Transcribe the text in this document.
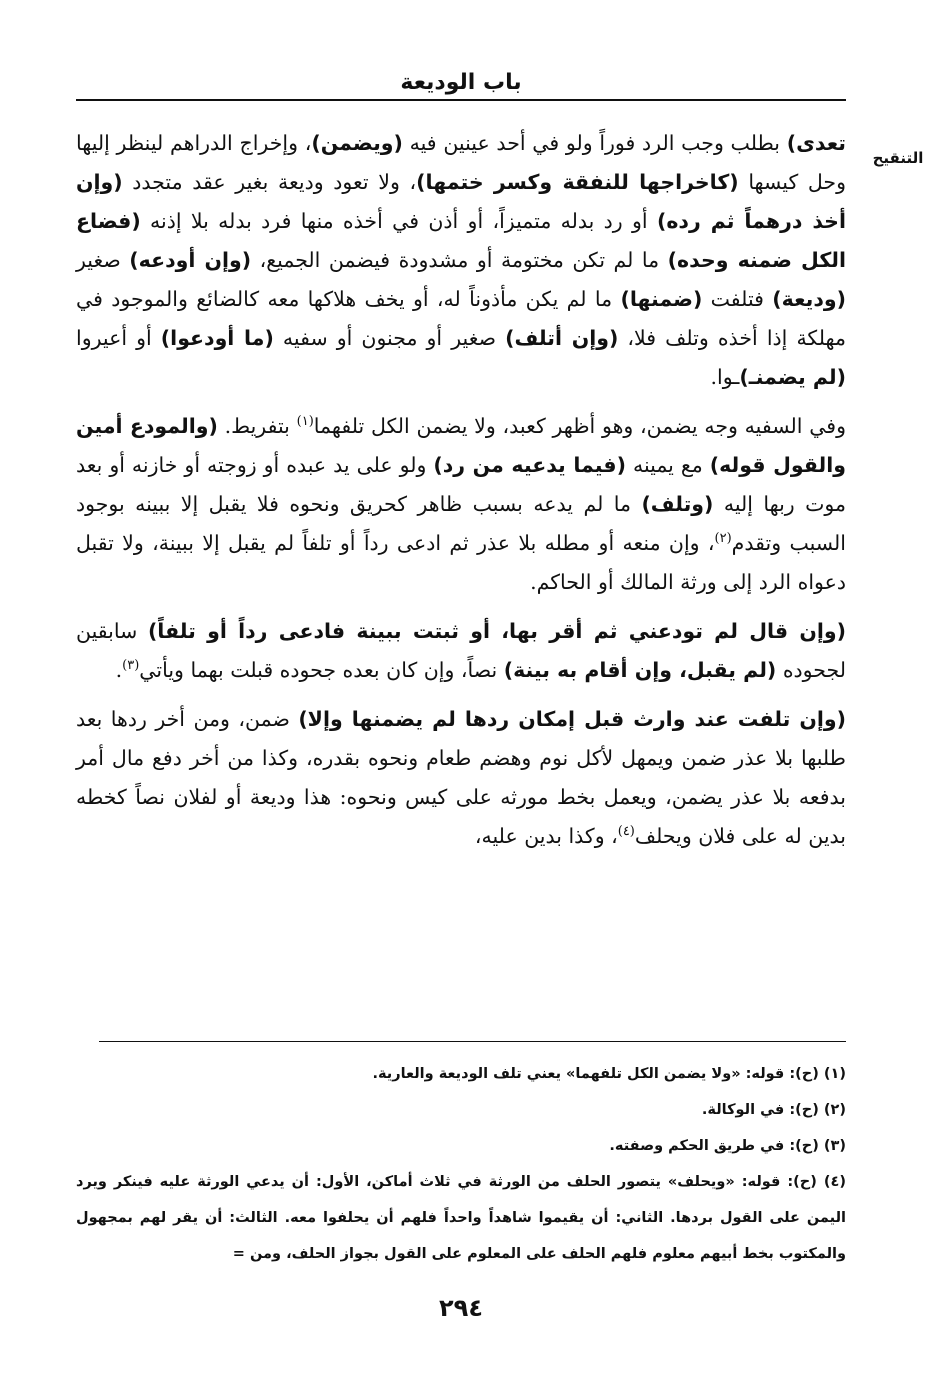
باب الوديعة
التنقيح

تعدى) بطلب وجب الرد فوراً ولو في أحد عينين فيه (ويضمن)، وإخراج الدراهم لينظر إليها وحل كيسها (كاخراجها للنفقة وكسر ختمها)، ولا تعود وديعة بغير عقد متجدد (وإن أخذ درهماً ثم رده) أو رد بدله متميزاً، أو أذن في أخذه منها فرد بدله بلا إذنه (فضاع الكل ضمنه وحده) ما لم تكن مختومة أو مشدودة فيضمن الجميع، (وإن أودعه) صغير (وديعة) فتلفت (ضمنها) ما لم يكن مأذوناً له، أو يخف هلاكها معه كالضائع والموجود في مهلكة إذا أخذه وتلف فلا، (وإن أتلف) صغير أو مجنون أو سفيه (ما أودعوا) أو أعيروا (لم يضمنـ)ـوا.

وفي السفيه وجه يضمن، وهو أظهر كعبد، ولا يضمن الكل تلفهما$^{(١)}$ بتفريط. (والمودع أمين والقول قوله) مع يمينه (فيما يدعيه من رد) ولو على يد عبده أو زوجته أو خازنه أو بعد موت ربها إليه (وتلف) ما لم يدعه بسبب ظاهر كحريق ونحوه فلا يقبل إلا ببينه بوجود السبب وتقدم$^{(٢)}$، وإن منعه أو مطله بلا عذر ثم ادعى رداً أو تلفاً لم يقبل إلا ببينة، ولا تقبل دعواه الرد إلى ورثة المالك أو الحاكم.

(وإن قال لم تودعني ثم أقر بها، أو ثبتت ببينة فادعى رداً أو تلفاً) سابقين لجحوده (لم يقبل، وإن أقام به بينة) نصاً، وإن كان بعده جحوده قبلت بهما ويأتي$^{(٣)}$.

(وإن تلفت عند وارث قبل إمكان ردها لم يضمنها وإلا) ضمن، ومن أخر ردها بعد طلبها بلا عذر ضمن ويمهل لأكل نوم وهضم طعام ونحوه بقدره، وكذا من أخر دفع مال أمر بدفعه بلا عذر يضمن، ويعمل بخط مورثه على كيس ونحوه: هذا وديعة أو لفلان نصاً كخطه بدين له على فلان ويحلف$^{(٤)}$، وكذا بدين عليه،

(١) (ح): قوله: «ولا يضمن الكل تلفهما» يعني تلف الوديعة والعارية.

(٢) (ح): في الوكالة.

(٣) (ح): في طريق الحكم وصفته.

(٤) (ح): قوله: «ويحلف» يتصور الحلف من الورثة في ثلاث أماكن، الأول: أن يدعي الورثة عليه فينكر ويرد اليمن على القول بردها. الثاني: أن يقيموا شاهداً واحداً فلهم أن يحلفوا معه. الثالث: أن يقر لهم بمجهول والمكتوب بخط أبيهم معلوم فلهم الحلف على المعلوم على القول بجواز الحلف، ومن =

٢٩٤
